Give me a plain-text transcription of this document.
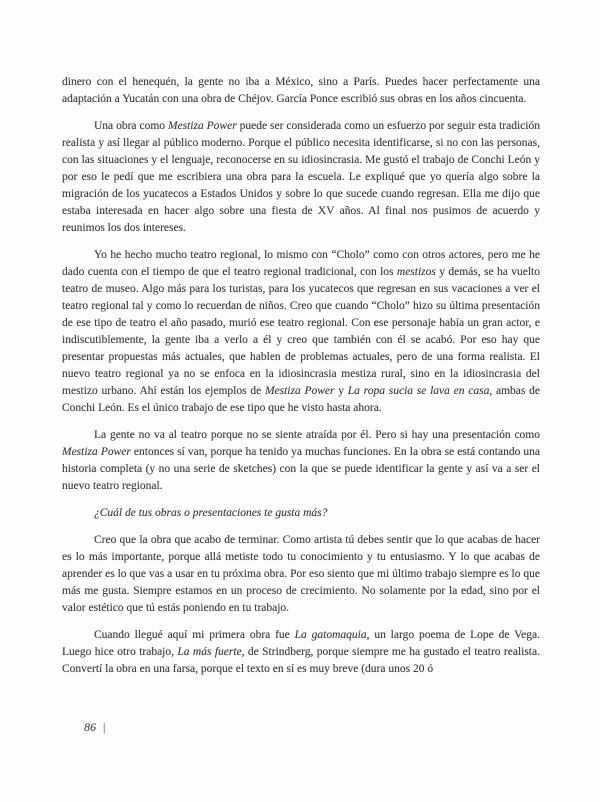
dinero con el henequén, la gente no iba a México, sino a París. Puedes hacer perfectamente una adaptación a Yucatán con una obra de Chéjov. García Ponce escribió sus obras en los años cincuenta.

Una obra como Mestiza Power puede ser considerada como un esfuerzo por seguir esta tradición realista y así llegar al público moderno. Porque el público necesita identificarse, si no con las personas, con las situaciones y el lenguaje, reconocerse en su idiosincrasia. Me gustó el trabajo de Conchi León y por eso le pedí que me escribiera una obra para la escuela. Le expliqué que yo quería algo sobre la migración de los yucatecos a Estados Unidos y sobre lo que sucede cuando regresan. Ella me dijo que estaba interesada en hacer algo sobre una fiesta de XV años. Al final nos pusimos de acuerdo y reunimos los dos intereses.

Yo he hecho mucho teatro regional, lo mismo con “Cholo” como con otros actores, pero me he dado cuenta con el tiempo de que el teatro regional tradicional, con los mestizos y demás, se ha vuelto teatro de museo. Algo más para los turistas, para los yucatecos que regresan en sus vacaciones a ver el teatro regional tal y como lo recuerdan de niños. Creo que cuando “Cholo” hizo su última presentación de ese tipo de teatro el año pasado, murió ese teatro regional. Con ese personaje había un gran actor, e indiscutiblemente, la gente iba a verlo a él y creo que también con él se acabó. Por eso hay que presentar propuestas más actuales, que hablen de problemas actuales, pero de una forma realista. El nuevo teatro regional ya no se enfoca en la idiosincrasia mestiza rural, sino en la idiosincrasia del mestizo urbano. Ahí están los ejemplos de Mestiza Power y La ropa sucia se lava en casa, ambas de Conchi León. Es el único trabajo de ese tipo que he visto hasta ahora.

La gente no va al teatro porque no se siente atraída por él. Pero si hay una presentación como Mestiza Power entonces sí van, porque ha tenido ya muchas funciones. En la obra se está contando una historia completa (y no una serie de sketches) con la que se puede identificar la gente y así va a ser el nuevo teatro regional.

¿Cuál de tus obras o presentaciones te gusta más?

Creo que la obra que acabo de terminar. Como artista tú debes sentir que lo que acabas de hacer es lo más importante, porque allá metiste todo tu conocimiento y tu entusiasmo. Y lo que acabas de aprender es lo que vas a usar en tu próxima obra. Por eso siento que mi último trabajo siempre es lo que más me gusta. Siempre estamos en un proceso de crecimiento. No solamente por la edad, sino por el valor estético que tú estás poniendo en tu trabajo.

Cuando llegué aquí mi primera obra fue La gatomaquia, un largo poema de Lope de Vega. Luego hice otro trabajo, La más fuerte, de Strindberg, porque siempre me ha gustado el teatro realista. Convertí la obra en una farsa, porque el texto en sí es muy breve (dura unos 20 ó

86 |
